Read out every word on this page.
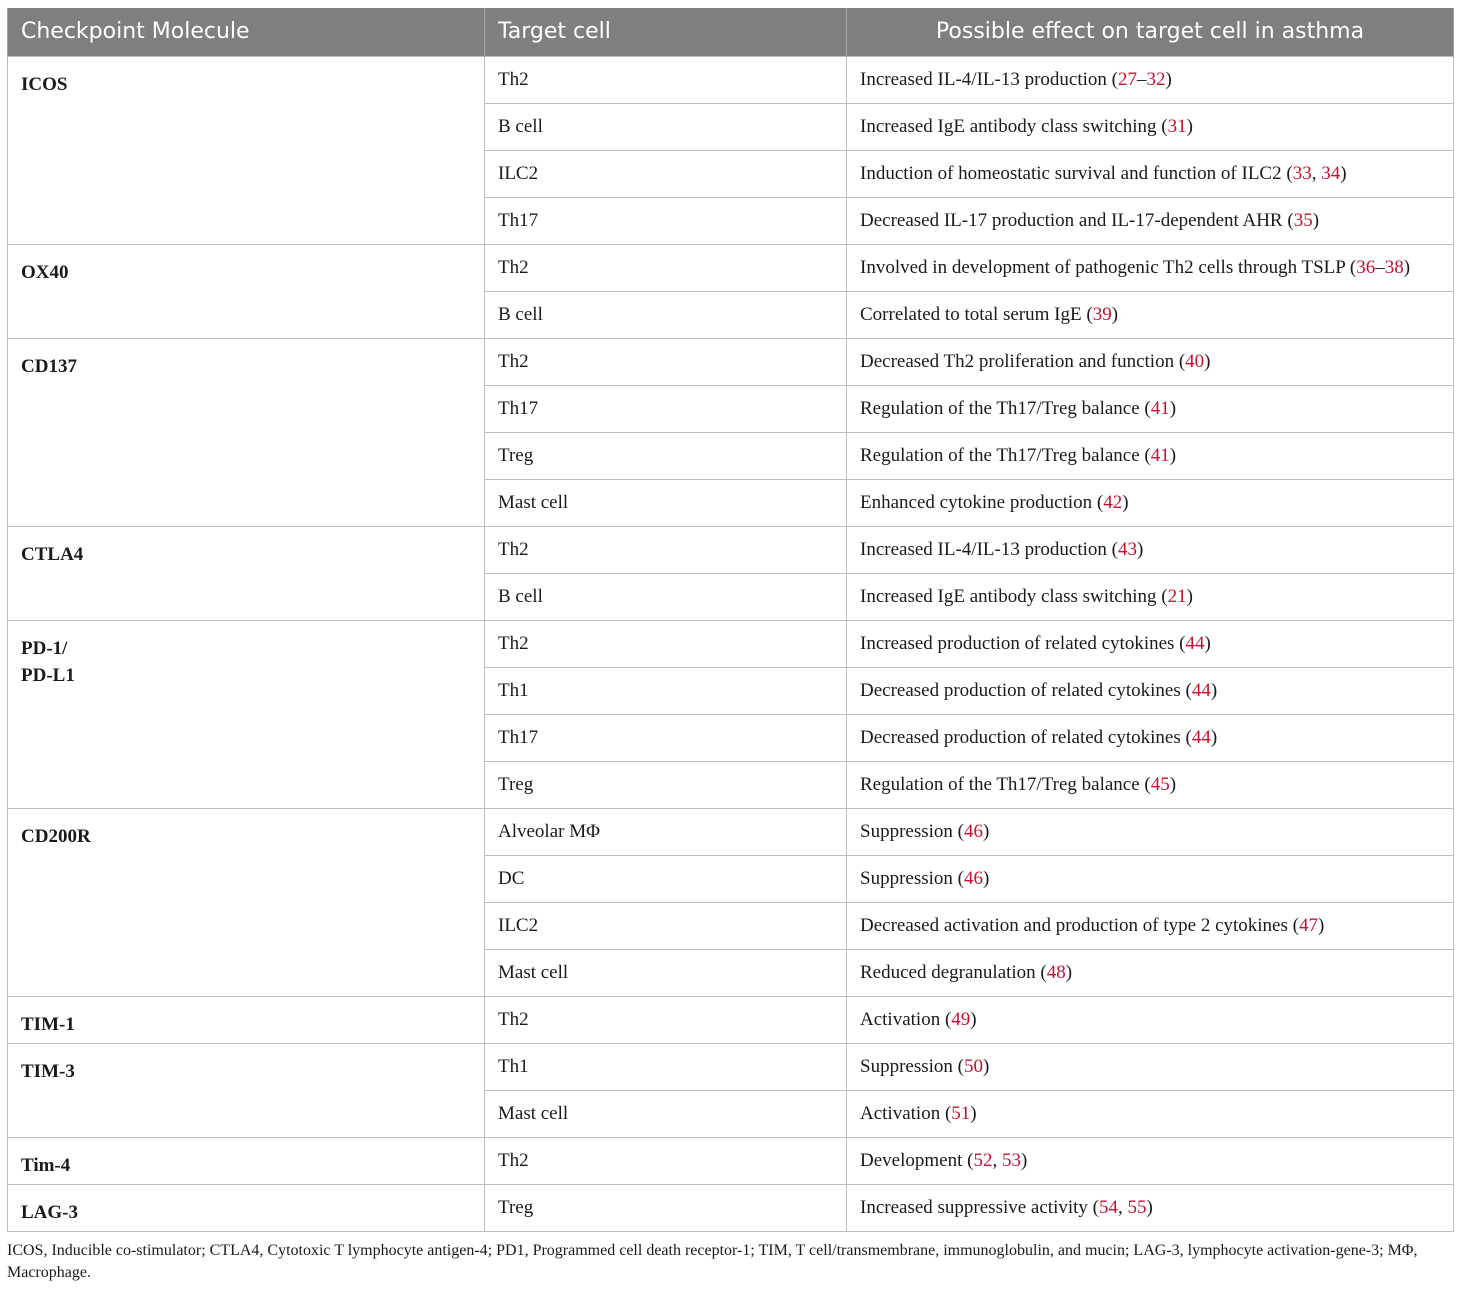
Checkpoint Molecule	Target cell	Possible effect on target cell in asthma
ICOS	Th2	Increased IL-4/IL-13 production (27–32)
	B cell	Increased IgE antibody class switching (31)
	ILC2	Induction of homeostatic survival and function of ILC2 (33, 34)
	Th17	Decreased IL-17 production and IL-17-dependent AHR (35)
OX40	Th2	Involved in development of pathogenic Th2 cells through TSLP (36–38)
	B cell	Correlated to total serum IgE (39)
CD137	Th2	Decreased Th2 proliferation and function (40)
	Th17	Regulation of the Th17/Treg balance (41)
	Treg	Regulation of the Th17/Treg balance (41)
	Mast cell	Enhanced cytokine production (42)
CTLA4	Th2	Increased IL-4/IL-13 production (43)
	B cell	Increased IgE antibody class switching (21)
PD-1/
PD-L1	Th2	Increased production of related cytokines (44)
	Th1	Decreased production of related cytokines (44)
	Th17	Decreased production of related cytokines (44)
	Treg	Regulation of the Th17/Treg balance (45)
CD200R	Alveolar MΦ	Suppression (46)
	DC	Suppression (46)
	ILC2	Decreased activation and production of type 2 cytokines (47)
	Mast cell	Reduced degranulation (48)
TIM-1	Th2	Activation (49)
TIM-3	Th1	Suppression (50)
	Mast cell	Activation (51)
Tim-4	Th2	Development (52, 53)
LAG-3	Treg	Increased suppressive activity (54, 55)
ICOS, Inducible co-stimulator; CTLA4, Cytotoxic T lymphocyte antigen-4; PD1, Programmed cell death receptor-1; TIM, T cell/transmembrane, immunoglobulin, and mucin; LAG-3, lymphocyte activation-gene-3; MΦ, Macrophage.
